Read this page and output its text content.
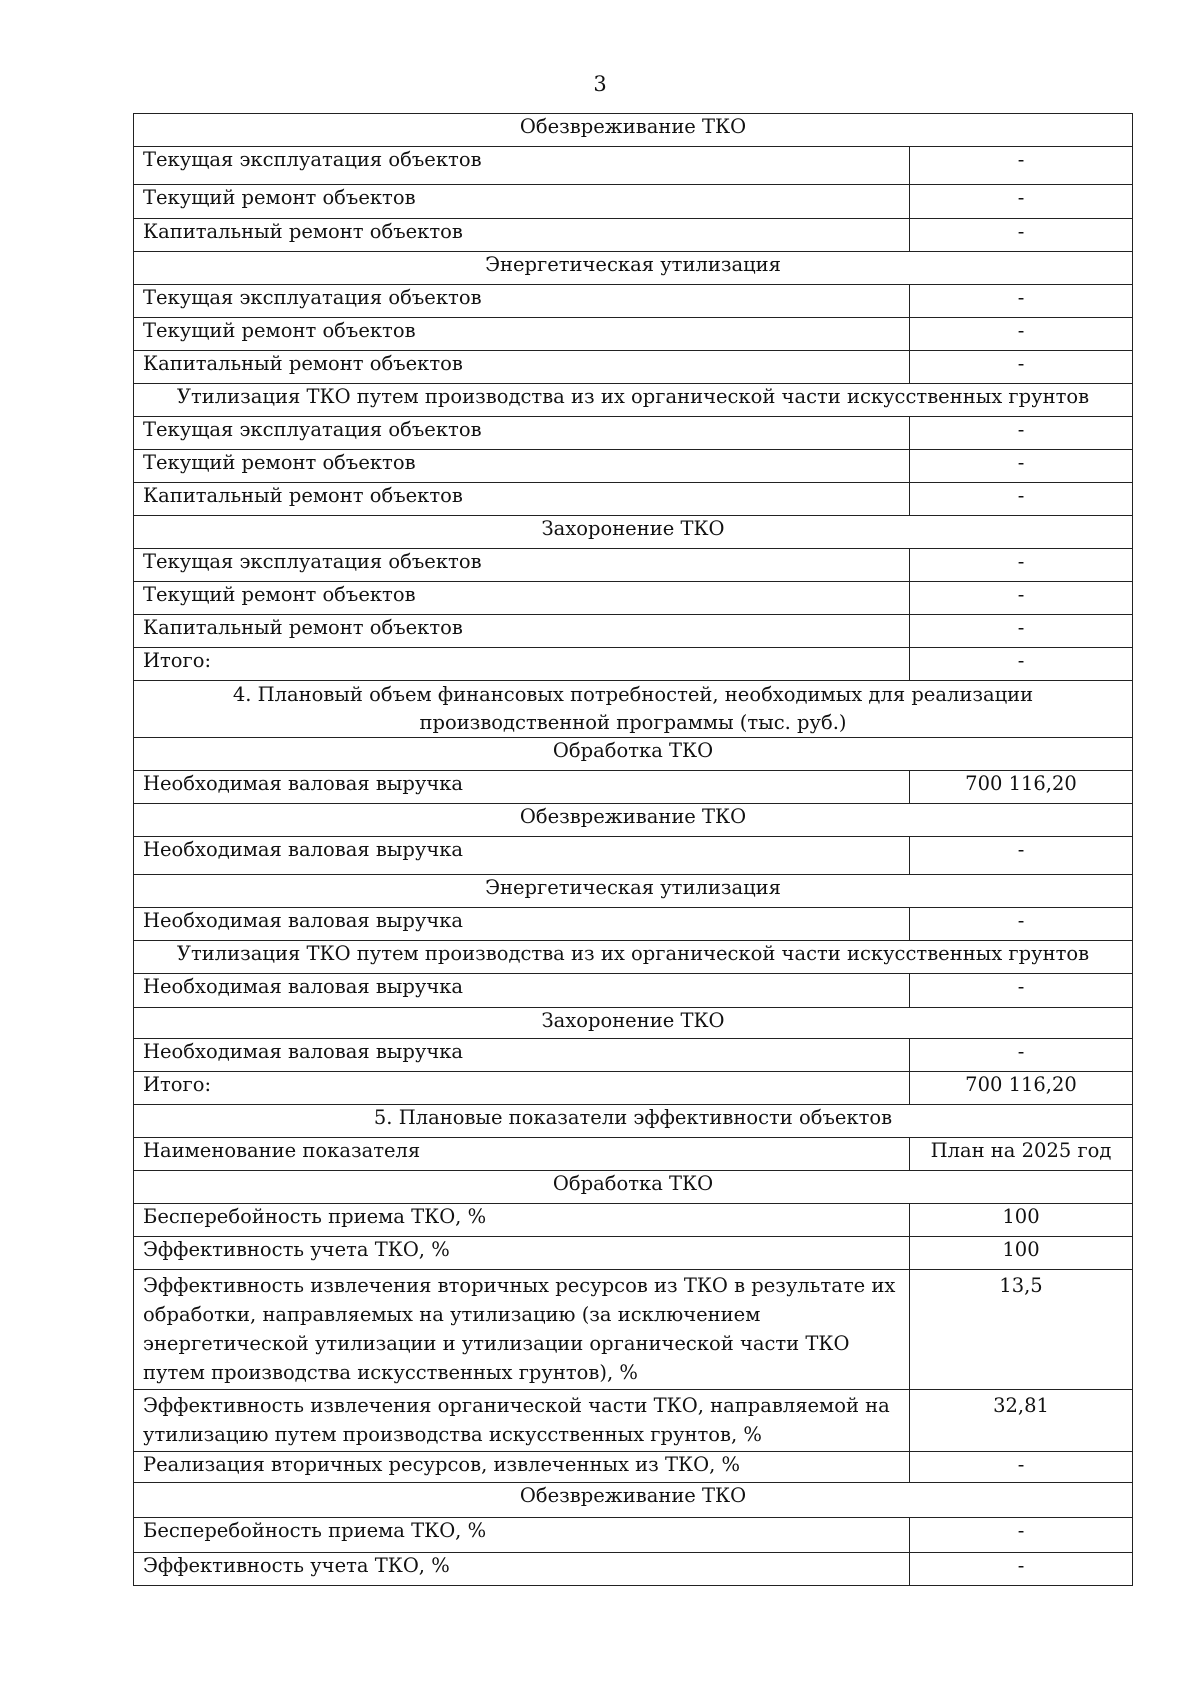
3
Обезвреживание ТКО	
Текущая эксплуатация объектов	-
Текущий ремонт объектов	-
Капитальный ремонт объектов	-
Энергетическая утилизация	
Текущая эксплуатация объектов	-
Текущий ремонт объектов	-
Капитальный ремонт объектов	-
Утилизация ТКО путем производства из их органической части искусственных грунтов	
Текущая эксплуатация объектов	-
Текущий ремонт объектов	-
Капитальный ремонт объектов	-
Захоронение ТКО	
Текущая эксплуатация объектов	-
Текущий ремонт объектов	-
Капитальный ремонт объектов	-
Итого:	-
4. Плановый объем финансовых потребностей, необходимых для реализации производственной программы (тыс. руб.)	
Обработка ТКО	
Необходимая валовая выручка	700 116,20
Обезвреживание ТКО	
Необходимая валовая выручка	-
Энергетическая утилизация	
Необходимая валовая выручка	-
Утилизация ТКО путем производства из их органической части искусственных грунтов	
Необходимая валовая выручка	-
Захоронение ТКО	
Необходимая валовая выручка	-
Итого:	700 116,20
5. Плановые показатели эффективности объектов	
Наименование показателя	План на 2025 год
Обработка ТКО	
Бесперебойность приема ТКО, %	100
Эффективность учета ТКО, %	100
Эффективность извлечения вторичных ресурсов из ТКО в результате их обработки, направляемых на утилизацию (за исключением энергетической утилизации и утилизации органической части ТКО путем производства искусственных грунтов), %	13,5
Эффективность извлечения органической части ТКО, направляемой на утилизацию путем производства искусственных грунтов, %	32,81
Реализация вторичных ресурсов, извлеченных из ТКО, %	-
Обезвреживание ТКО	
Бесперебойность приема ТКО, %	-
Эффективность учета ТКО, %	-
